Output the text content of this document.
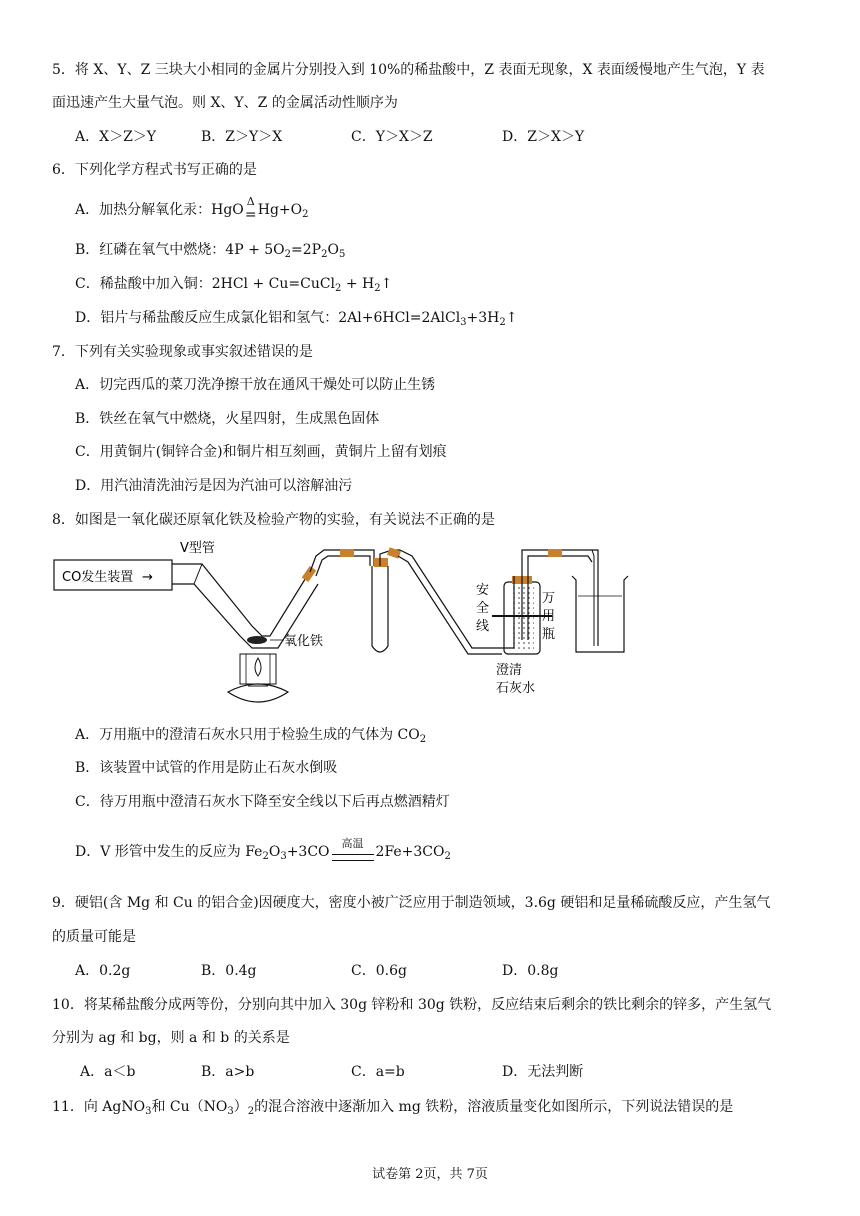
5．将 X、Y、Z 三块大小相同的金属片分别投入到 10%的稀盐酸中，Z 表面无现象，X 表面缓慢地产生气泡，Y 表
面迅速产生大量气泡。则 X、Y、Z 的金属活动性顺序为
A．X＞Z＞Y	B．Z＞Y＞X	C．Y＞X＞Z	D．Z＞X＞Y
6．下列化学方程式书写正确的是
A．加热分解氧化汞：HgO
Δ
$=Hg+O_2$
B．红磷在氧气中燃烧：$4P + 5O_2=2P_2O_5$
C．稀盐酸中加入铜：2HCl + Cu=CuCl$_2$ + $H_2↑$
D．铝片与稀盐酸反应生成氯化铝和氢气：$2Al+6HCl=2AlCl_3+3H_2↑$
7．下列有关实验现象或事实叙述错误的是
A．切完西瓜的菜刀洗净擦干放在通风干燥处可以防止生锈
B．铁丝在氧气中燃烧，火星四射，生成黑色固体
C．用黄铜片(铜锌合金)和铜片相互刻画，黄铜片上留有划痕
D．用汽油清洗油污是因为汽油可以溶解油污
8．如图是一氧化碳还原氧化铁及检验产物的实验，有关说法不正确的是
CO发生装置 →
V型管
氧化铁
安
全
线
万
用
瓶
澄清
石灰水
A．万用瓶中的澄清石灰水只用于检验生成的气体为 $CO_2$
B．该装置中试管的作用是防止石灰水倒吸
C．待万用瓶中澄清石灰水下降至安全线以下后再点燃酒精灯
D．V 形管中发生的反应为 $Fe_2O_3+3CO$
高温
$2Fe+3CO_2$
9．硬铝(含 Mg 和 Cu 的铝合金)因硬度大，密度小被广泛应用于制造领域，3.6g 硬铝和足量稀硫酸反应，产生氢气
的质量可能是
A．0.2g	B．0.4g	C．0.6g	D．0.8g
10．将某稀盐酸分成两等份，分别向其中加入 30g 锌粉和 30g 铁粉，反应结束后剩余的铁比剩余的锌多，产生氢气
分别为 ag 和 bg，则 a 和 b 的关系是
A．a＜b	B．a>b	C．a=b	D．无法判断
11．向 AgNO$_3$和 $Cu(NO_3)_2$的混合溶液中逐渐加入 mg 铁粉，溶液质量变化如图所示，下列说法错误的是
试卷第 2页，共 7页
